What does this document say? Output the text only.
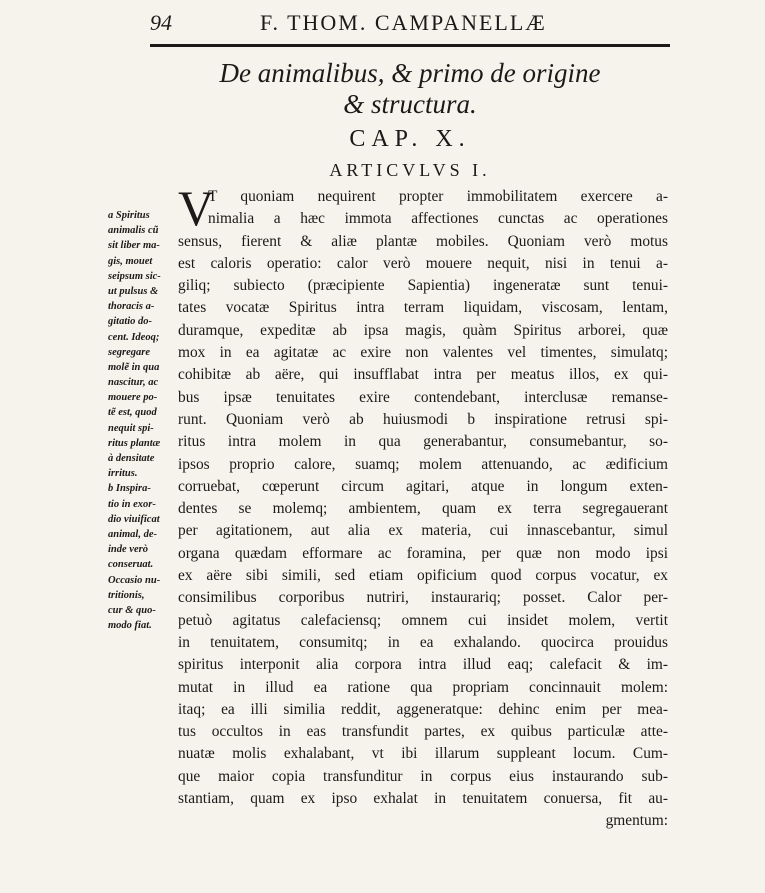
94	F. THOM. CAMPANELLÆ
De animalibus, & primo de origine
& structura.
CAP. X.
ARTICVLVS I.
a Spiritus
animalis cũ
sit liber ma-
gis, mouet
seipsum sic-
ut pulsus &
thoracis a-
gitatio do-
cent. Ideoq;
segregare
molẽ in qua
nascitur, ac
mouere po-
tẽ est, quod
nequit spi-
ritus plantæ
à densitate
irritus.
b Inspira-
tio in exor-
dio viuificat
animal, de-
inde verò
conseruat.
Occasio nu-
tritionis,
cur & quo-
modo fiat.
V
T quoniam nequirent propter immobilitatem exercere a-
nimalia a hæc immota affectiones cunctas ac operationes
sensus, fierent & aliæ plantæ mobiles. Quoniam verò motus
est caloris operatio: calor verò mouere nequit, nisi in tenui a-
giliq; subiecto (præcipiente Sapientia) ingeneratæ sunt tenui-
tates vocatæ Spiritus intra terram liquidam, viscosam, lentam,
duramque, expeditæ ab ipsa magis, quàm Spiritus arborei, quæ
mox in ea agitatæ ac exire non valentes vel timentes, simulatq;
cohibitæ ab aëre, qui insufflabat intra per meatus illos, ex qui-
bus ipsæ tenuitates exire contendebant, interclusæ remanse-
runt. Quoniam verò ab huiusmodi b inspiratione retrusi spi-
ritus intra molem in qua generabantur, consumebantur, so-
ipsos proprio calore, suamq; molem attenuando, ac ædificium
corruebat, cœperunt circum agitari, atque in longum exten-
dentes se molemq; ambientem, quam ex terra segregauerant
per agitationem, aut alia ex materia, cui innascebantur, simul
organa quædam efformare ac foramina, per quæ non modo ipsi
ex aëre sibi simili, sed etiam opificium quod corpus vocatur, ex
consimilibus corporibus nutriri, instaurariq; posset. Calor per-
petuò agitatus calefaciensq; omnem cui insidet molem, vertit
in tenuitatem, consumitq; in ea exhalando. quocirca prouidus
spiritus interponit alia corpora intra illud eaq; calefacit & im-
mutat in illud ea ratione qua propriam concinnauit molem:
itaq; ea illi similia reddit, aggeneratque: dehinc enim per mea-
tus occultos in eas transfundit partes, ex quibus particulæ atte-
nuatæ molis exhalabant, vt ibi illarum suppleant locum. Cum-
que maior copia transfunditur in corpus eius instaurando sub-
stantiam, quam ex ipso exhalat in tenuitatem conuersa, fit au-
gmentum:
